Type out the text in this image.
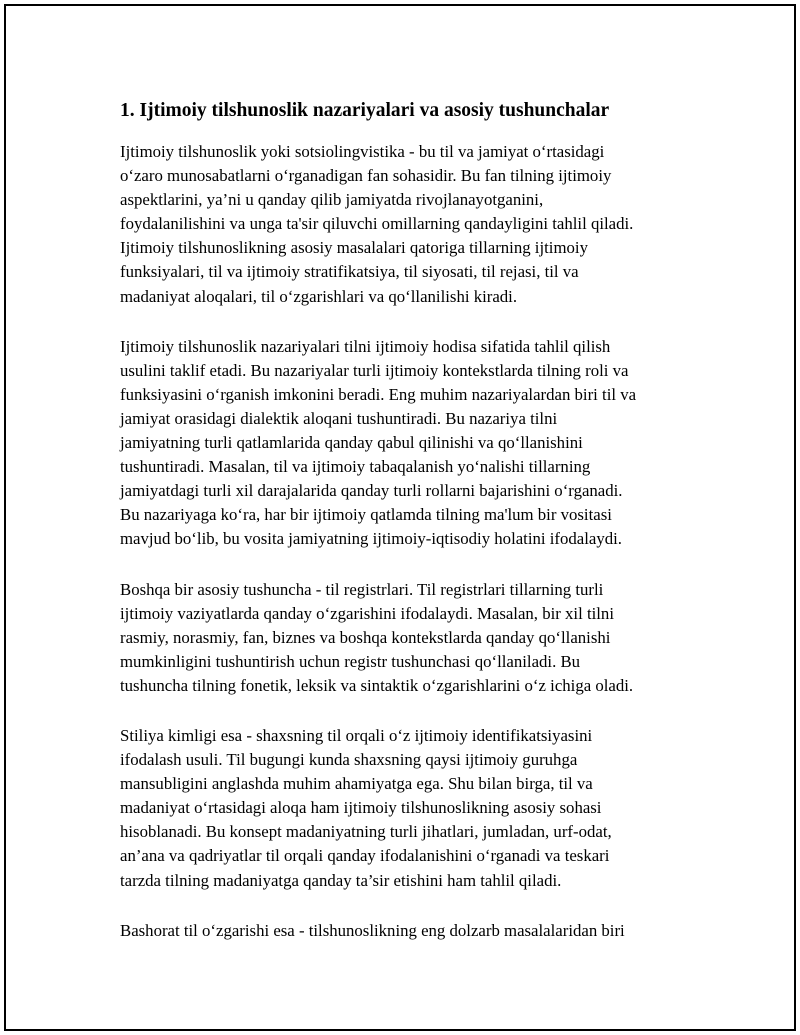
1. Ijtimoiy tilshunoslik nazariyalari va asosiy tushunchalar

Ijtimoiy tilshunoslik yoki sotsiolingvistika - bu til va jamiyat o‘rtasidagi
o‘zaro munosabatlarni o‘rganadigan fan sohasidir. Bu fan tilning ijtimoiy
aspektlarini, ya’ni u qanday qilib jamiyatda rivojlanayotganini,
foydalanilishini va unga ta'sir qiluvchi omillarning qandayligini tahlil qiladi.
Ijtimoiy tilshunoslikning asosiy masalalari qatoriga tillarning ijtimoiy
funksiyalari, til va ijtimoiy stratifikatsiya, til siyosati, til rejasi, til va
madaniyat aloqalari, til o‘zgarishlari va qo‘llanilishi kiradi.

Ijtimoiy tilshunoslik nazariyalari tilni ijtimoiy hodisa sifatida tahlil qilish
usulini taklif etadi. Bu nazariyalar turli ijtimoiy kontekstlarda tilning roli va
funksiyasini o‘rganish imkonini beradi. Eng muhim nazariyalardan biri til va
jamiyat orasidagi dialektik aloqani tushuntiradi. Bu nazariya tilni
jamiyatning turli qatlamlarida qanday qabul qilinishi va qo‘llanishini
tushuntiradi. Masalan, til va ijtimoiy tabaqalanish yo‘nalishi tillarning
jamiyatdagi turli xil darajalarida qanday turli rollarni bajarishini o‘rganadi.
Bu nazariyaga ko‘ra, har bir ijtimoiy qatlamda tilning ma'lum bir vositasi
mavjud bo‘lib, bu vosita jamiyatning ijtimoiy-iqtisodiy holatini ifodalaydi.

Boshqa bir asosiy tushuncha - til registrlari. Til registrlari tillarning turli
ijtimoiy vaziyatlarda qanday o‘zgarishini ifodalaydi. Masalan, bir xil tilni
rasmiy, norasmiy, fan, biznes va boshqa kontekstlarda qanday qo‘llanishi
mumkinligini tushuntirish uchun registr tushunchasi qo‘llaniladi. Bu
tushuncha tilning fonetik, leksik va sintaktik o‘zgarishlarini o‘z ichiga oladi.

Stiliya kimligi esa - shaxsning til orqali o‘z ijtimoiy identifikatsiyasini
ifodalash usuli. Til bugungi kunda shaxsning qaysi ijtimoiy guruhga
mansubligini anglashda muhim ahamiyatga ega. Shu bilan birga, til va
madaniyat o‘rtasidagi aloqa ham ijtimoiy tilshunoslikning asosiy sohasi
hisoblanadi. Bu konsept madaniyatning turli jihatlari, jumladan, urf-odat,
an’ana va qadriyatlar til orqali qanday ifodalanishini o‘rganadi va teskari
tarzda tilning madaniyatga qanday ta’sir etishini ham tahlil qiladi.

Bashorat til o‘zgarishi esa - tilshunoslikning eng dolzarb masalalaridan biri
